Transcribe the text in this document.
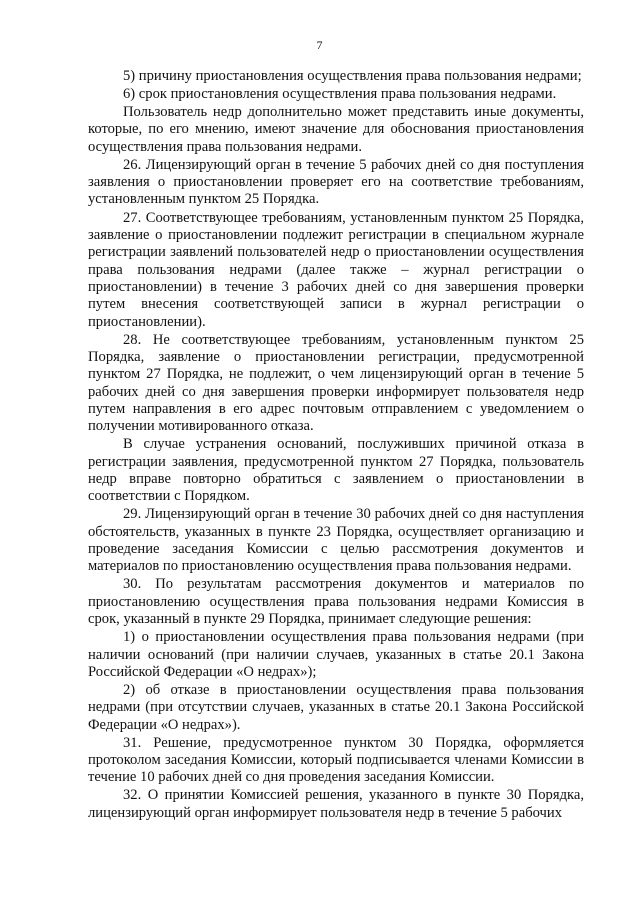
7

5) причину приостановления осуществления права пользования недрами;

6) срок приостановления осуществления права пользования недрами.

Пользователь недр дополнительно может представить иные документы, которые, по его мнению, имеют значение для обоснования приостановления осуществления права пользования недрами.

26. Лицензирующий орган в течение 5 рабочих дней со дня поступления заявления о приостановлении проверяет его на соответствие требованиям, установленным пунктом 25 Порядка.

27. Соответствующее требованиям, установленным пунктом 25 Порядка, заявление о приостановлении подлежит регистрации в специальном журнале регистрации заявлений пользователей недр о приостановлении осуществления права пользования недрами (далее также – журнал регистрации о приостановлении) в течение 3 рабочих дней со дня завершения проверки путем внесения соответствующей записи в журнал регистрации о приостановлении).

28. Не соответствующее требованиям, установленным пунктом 25 Порядка, заявление о приостановлении регистрации, предусмотренной пунктом 27 Порядка, не подлежит, о чем лицензирующий орган в течение 5 рабочих дней со дня завершения проверки информирует пользователя недр путем направления в его адрес почтовым отправлением с уведомлением о получении мотивированного отказа.

В случае устранения оснований, послуживших причиной отказа в регистрации заявления, предусмотренной пунктом 27 Порядка, пользователь недр вправе повторно обратиться с заявлением о приостановлении в соответствии с Порядком.

29. Лицензирующий орган в течение 30 рабочих дней со дня наступления обстоятельств, указанных в пункте 23 Порядка, осуществляет организацию и проведение заседания Комиссии с целью рассмотрения документов и материалов по приостановлению осуществления права пользования недрами.

30. По результатам рассмотрения документов и материалов по приостановлению осуществления права пользования недрами Комиссия в срок, указанный в пункте 29 Порядка, принимает следующие решения:

1) о приостановлении осуществления права пользования недрами (при наличии оснований (при наличии случаев, указанных в статье 20.1 Закона Российской Федерации «О недрах»);

2) об отказе в приостановлении осуществления права пользования недрами (при отсутствии случаев, указанных в статье 20.1 Закона Российской Федерации «О недрах»).

31. Решение, предусмотренное пунктом 30 Порядка, оформляется протоколом заседания Комиссии, который подписывается членами Комиссии в течение 10 рабочих дней со дня проведения заседания Комиссии.

32. О принятии Комиссией решения, указанного в пункте 30 Порядка, лицензирующий орган информирует пользователя недр в течение 5 рабочих
